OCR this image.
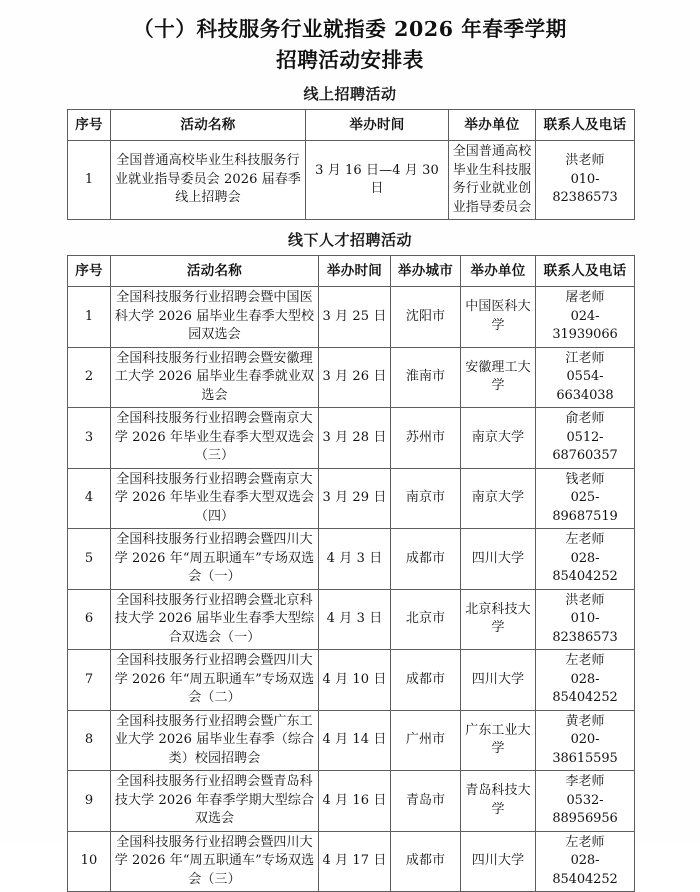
（十）科技服务行业就指委 2026 年春季学期
招聘活动安排表
线上招聘活动
序号	活动名称	举办时间	举办单位	联系人及电话
1	全国普通高校毕业生科技服务行业就业指导委员会 2026 届春季线上招聘会	3 月 16 日—4 月 30 日	全国普通高校毕业生科技服务行业就业创业指导委员会	洪老师
010-82386573
线下人才招聘活动
序号	活动名称	举办时间	举办城市	举办单位	联系人及电话
1	全国科技服务行业招聘会暨中国医科大学 2026 届毕业生春季大型校园双选会	3 月 25 日	沈阳市	中国医科大学	屠老师
024-31939066

2	全国科技服务行业招聘会暨安徽理工大学 2026 届毕业生春季就业双选会	3 月 26 日	淮南市	安徽理工大学	江老师
0554-6634038

3	全国科技服务行业招聘会暨南京大学 2026 年毕业生春季大型双选会（三）	3 月 28 日	苏州市	南京大学	俞老师
0512-68760357

4	全国科技服务行业招聘会暨南京大学 2026 年毕业生春季大型双选会（四）	3 月 29 日	南京市	南京大学	钱老师
025-89687519

5	全国科技服务行业招聘会暨四川大学 2026 年“周五职通车”专场双选会（一）	4 月 3 日	成都市	四川大学	左老师
028-85404252

6	全国科技服务行业招聘会暨北京科技大学 2026 届毕业生春季大型综合双选会（一）	4 月 3 日	北京市	北京科技大学	洪老师
010-82386573

7	全国科技服务行业招聘会暨四川大学 2026 年“周五职通车”专场双选会（二）	4 月 10 日	成都市	四川大学	左老师
028-85404252

8	全国科技服务行业招聘会暨广东工业大学 2026 届毕业生春季（综合类）校园招聘会	4 月 14 日	广州市	广东工业大学	黄老师
020-38615595

9	全国科技服务行业招聘会暨青岛科技大学 2026 年春季学期大型综合双选会	4 月 16 日	青岛市	青岛科技大学	李老师
0532-88956956

10	全国科技服务行业招聘会暨四川大学 2026 年“周五职通车”专场双选会（三）	4 月 17 日	成都市	四川大学	左老师
028-85404252
